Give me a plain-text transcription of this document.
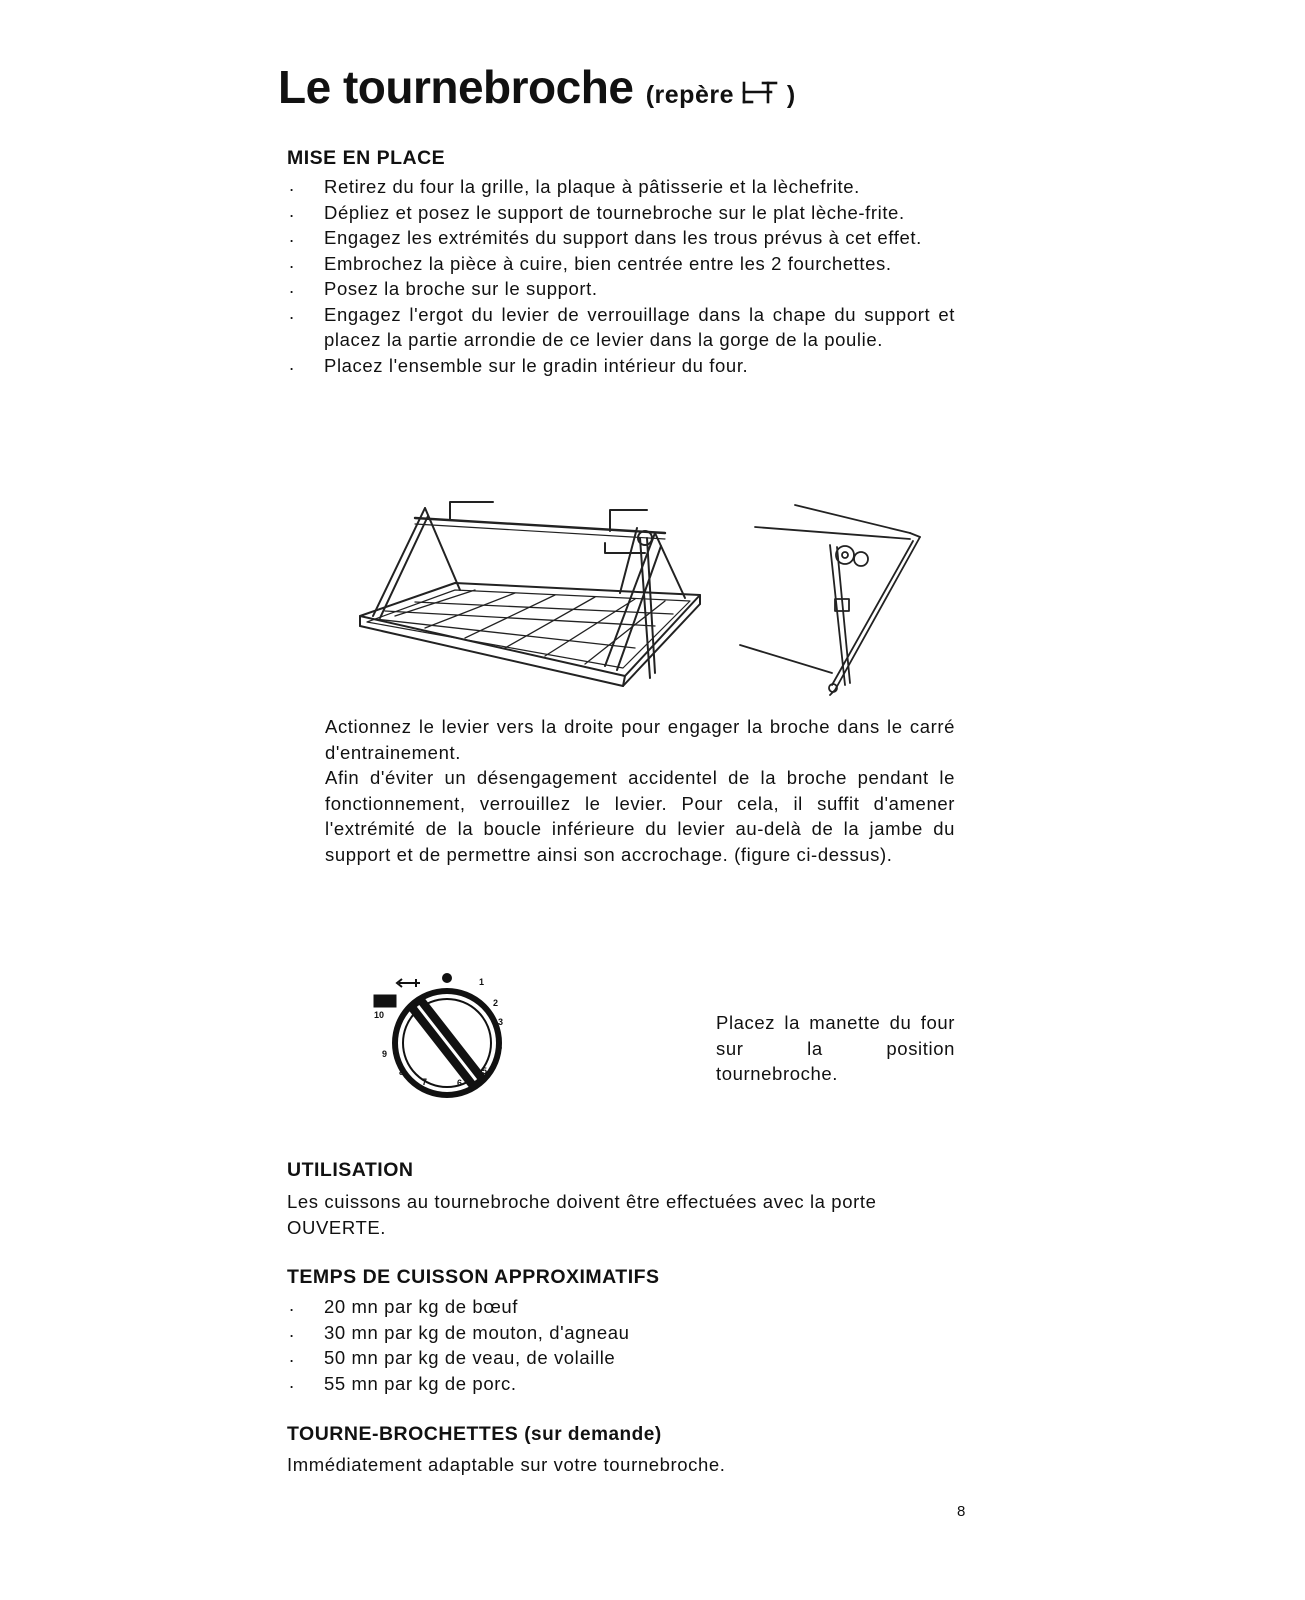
Le tournebroche (repère )
MISE EN PLACE
. Retirez du four la grille, la plaque à pâtisserie et la lèchefrite.
. Dépliez et posez le support de tournebroche sur le plat lèche-frite.
. Engagez les extrémités du support dans les trous prévus à cet effet.
. Embrochez la pièce à cuire, bien centrée entre les 2 fourchettes.
. Posez la broche sur le support.
. Engagez l'ergot du levier de verrouillage dans la chape du support et placez la partie arrondie de ce levier dans la gorge de la poulie.
. Placez l'ensemble sur le gradin intérieur du four.

Actionnez le levier vers la droite pour engager la broche dans le carré d'entrainement.

Afin d'éviter un désengagement accidentel de la broche pendant le fonctionnement, verrouillez le levier. Pour cela, il suffit d'amener l'extrémité de la boucle inférieure du levier au-delà de la jambe du support et de permettre ainsi son accrochage. (figure ci-dessus).

1
2
3
4
5
6
7
8
9
10	Placez la manette du four sur la position tournebroche.
UTILISATION
Les cuissons au tournebroche doivent être effectuées avec la porte OUVERTE.
TEMPS DE CUISSON APPROXIMATIFS
. 20 mn par kg de bœuf
. 30 mn par kg de mouton, d'agneau
. 50 mn par kg de veau, de volaille
. 55 mn par kg de porc.
TOURNE-BROCHETTES (sur demande)
Immédiatement adaptable sur votre tournebroche.
8
